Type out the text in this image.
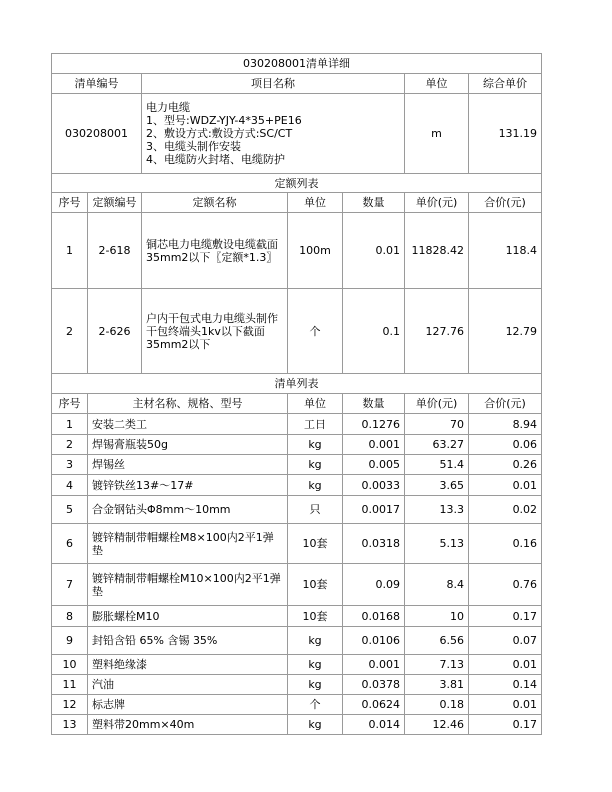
030208001清单详细						
清单编号		项目名称			单位	综合单价
030208001		电力电缆
1、型号:WDZ-YJY-4*35+PE16
2、敷设方式:敷设方式:SC/CT
3、电缆头制作安装
4、电缆防火封堵、电缆防护			m	131.19
定额列表						
序号	定额编号	定额名称	单位	数量	单价(元)	合价(元)
1	2-618	铜芯电力电缆敷设电缆截面35mm2以下〖定额*1.3〗	100m	0.01	11828.42	118.4
2	2-626	户内干包式电力电缆头制作干包终端头1kv以下截面35mm2以下	个	0.1	127.76	12.79
清单列表						
序号	主材名称、规格、型号		单位	数量	单价(元)	合价(元)
1	安装二类工		工日	0.1276	70	8.94
2	焊锡膏瓶装50g		kg	0.001	63.27	0.06
3	焊锡丝		kg	0.005	51.4	0.26
4	镀锌铁丝13#～17#		kg	0.0033	3.65	0.01
5	合金钢钻头Φ8mm～10mm		只	0.0017	13.3	0.02
6	镀锌精制带帽螺栓M8×100内2平1弹垫		10套	0.0318	5.13	0.16
7	镀锌精制带帽螺栓M10×100内2平1弹垫		10套	0.09	8.4	0.76
8	膨胀螺栓M10		10套	0.0168	10	0.17
9	封铅含铅 65% 含锡 35%		kg	0.0106	6.56	0.07
10	塑料绝缘漆		kg	0.001	7.13	0.01
11	汽油		kg	0.0378	3.81	0.14
12	标志牌		个	0.0624	0.18	0.01
13	塑料带20mm×40m		kg	0.014	12.46	0.17
